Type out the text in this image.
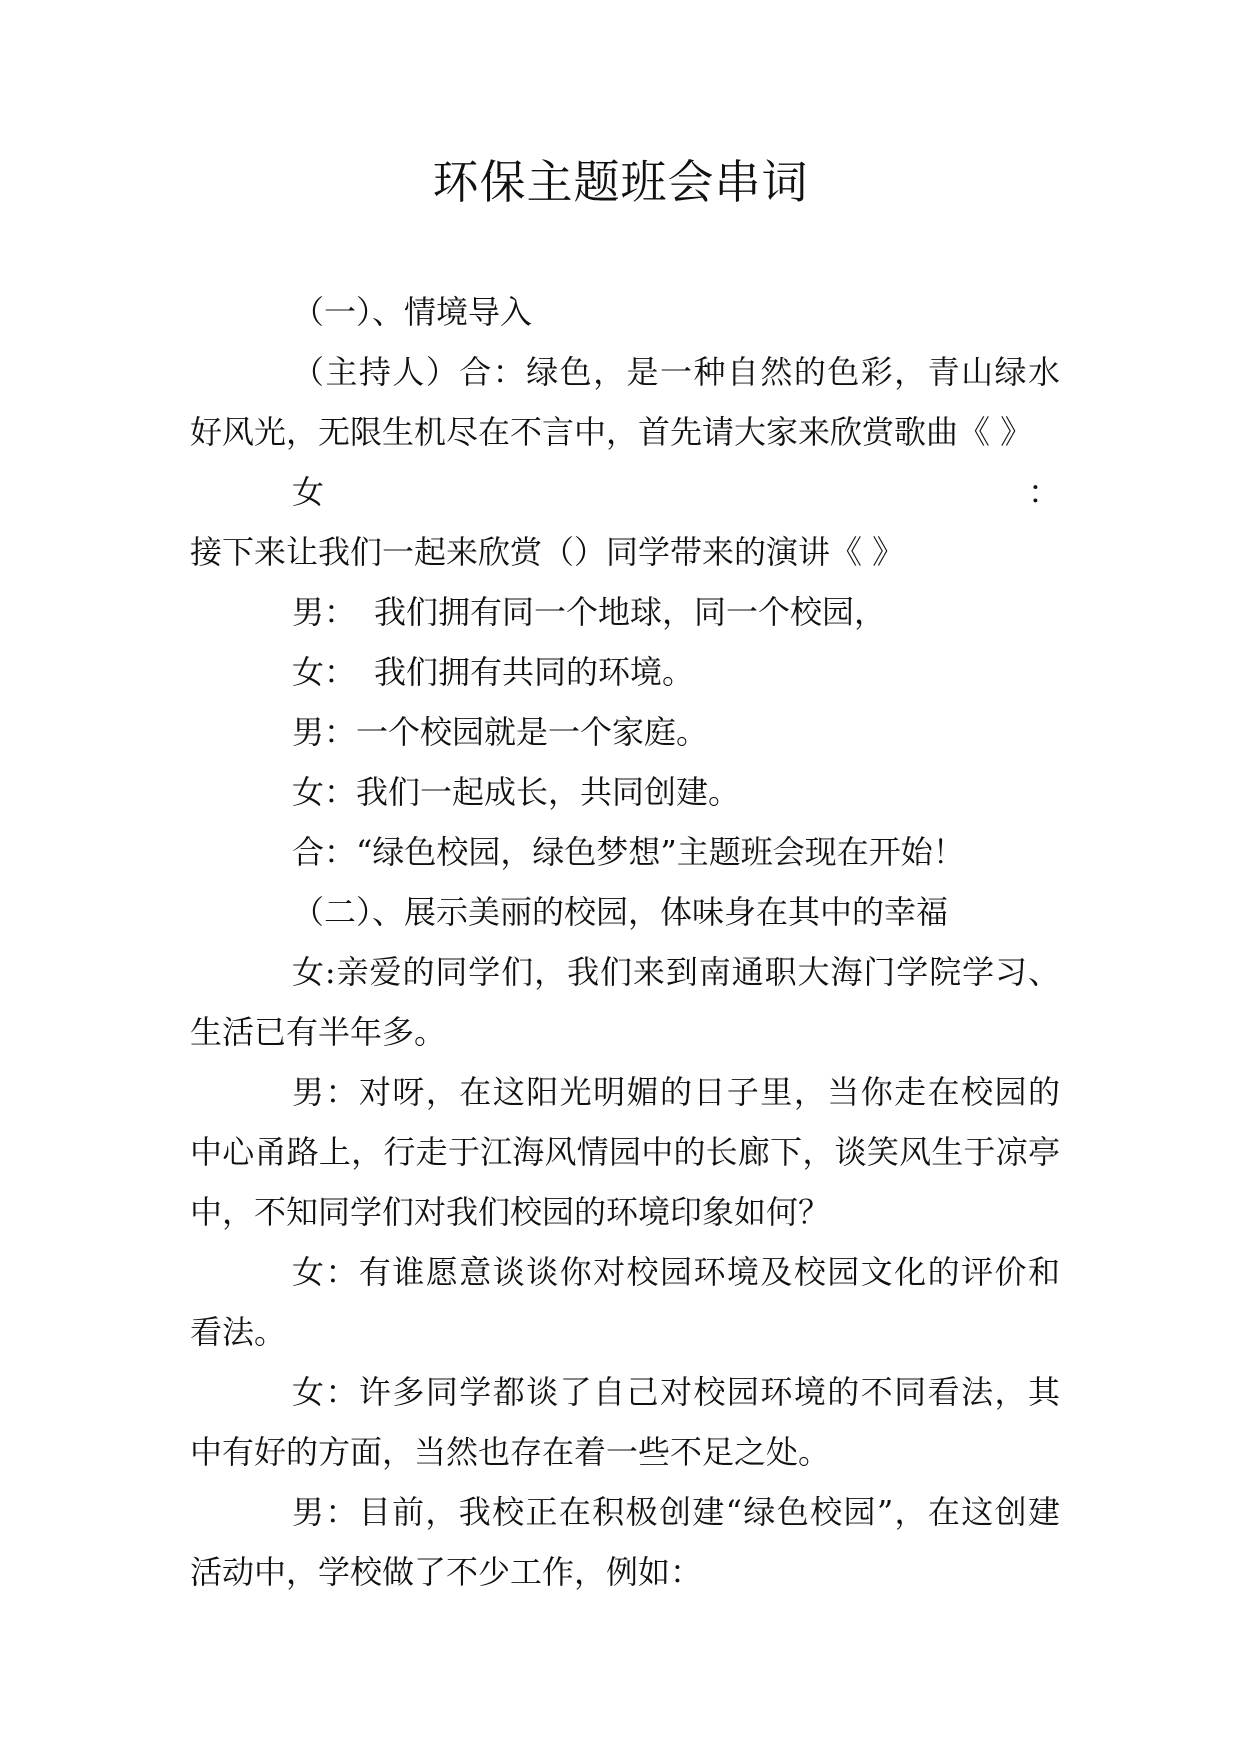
环保主题班会串词

（一）、情境导入

（主持人）合：绿色，是一种自然的色彩，青山绿水好风光，无限生机尽在不言中，首先请大家来欣赏歌曲《 》

女：接下来让我们一起来欣赏（）同学带来的演讲《 》

男： 我们拥有同一个地球，同一个校园，

女： 我们拥有共同的环境。

男：一个校园就是一个家庭。

女：我们一起成长，共同创建。

合：“绿色校园，绿色梦想”主题班会现在开始！

（二）、展示美丽的校园，体味身在其中的幸福

女:亲爱的同学们，我们来到南通职大海门学院学习、生活已有半年多。

男：对呀，在这阳光明媚的日子里，当你走在校园的中心甬路上，行走于江海风情园中的长廊下，谈笑风生于凉亭中，不知同学们对我们校园的环境印象如何？

女：有谁愿意谈谈你对校园环境及校园文化的评价和看法。

女：许多同学都谈了自己对校园环境的不同看法，其中有好的方面，当然也存在着一些不足之处。

男：目前，我校正在积极创建“绿色校园”，在这创建活动中，学校做了不少工作，例如：
